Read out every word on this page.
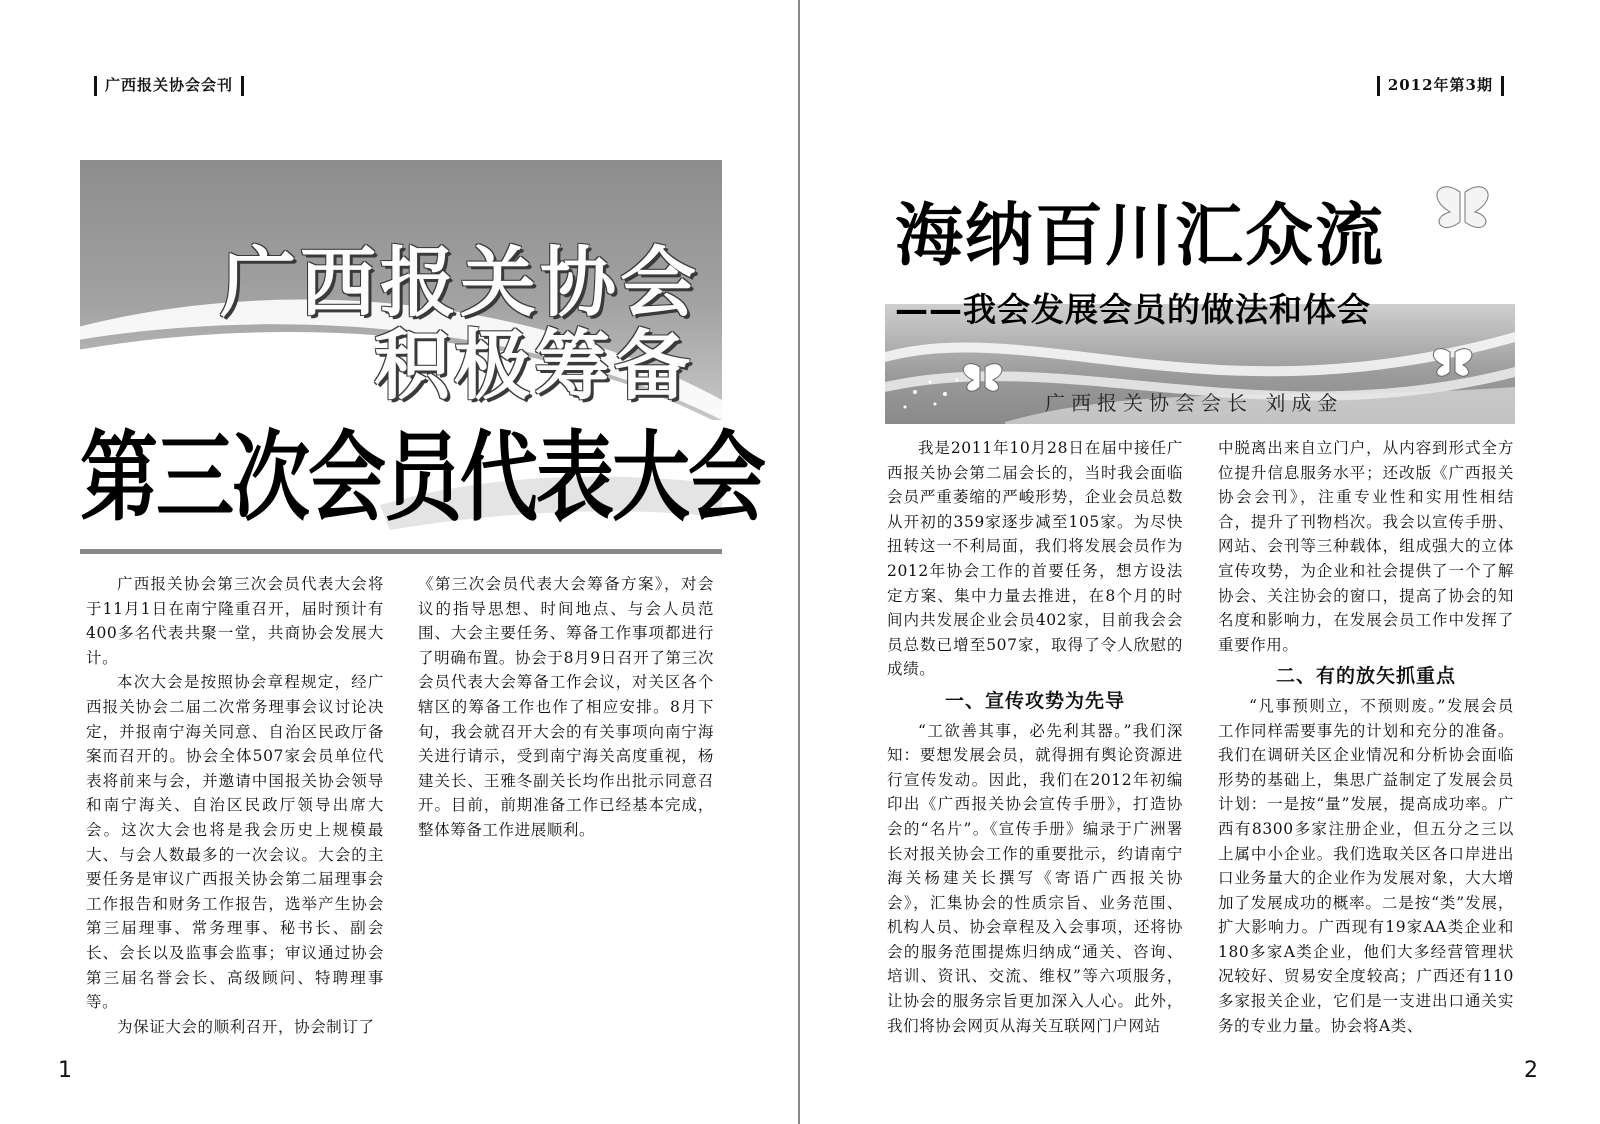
广西报关协会会刊
广西报关协会
积极筹备
第三次会员代表大会

广西报关协会第三次会员代表大会将于11月1日在南宁隆重召开，届时预计有400多名代表共聚一堂，共商协会发展大计。

本次大会是按照协会章程规定，经广西报关协会二届二次常务理事会议讨论决定，并报南宁海关同意、自治区民政厅备案而召开的。协会全体507家会员单位代表将前来与会，并邀请中国报关协会领导和南宁海关、自治区民政厅领导出席大会。这次大会也将是我会历史上规模最大、与会人数最多的一次会议。大会的主要任务是审议广西报关协会第二届理事会工作报告和财务工作报告，选举产生协会第三届理事、常务理事、秘书长、副会长、会长以及监事会监事；审议通过协会第三届名誉会长、高级顾问、特聘理事等。

为保证大会的顺利召开，协会制订了

《第三次会员代表大会筹备方案》，对会议的指导思想、时间地点、与会人员范围、大会主要任务、筹备工作事项都进行了明确布置。协会于8月9日召开了第三次会员代表大会筹备工作会议，对关区各个辖区的筹备工作也作了相应安排。8月下旬，我会就召开大会的有关事项向南宁海关进行请示，受到南宁海关高度重视，杨建关长、王雅冬副关长均作出批示同意召开。目前，前期准备工作已经基本完成，整体筹备工作进展顺利。

1
2012年第3期
2
海纳百川汇众流
——我会发展会员的做法和体会
广西报关协会会长 刘成金

我是2011年10月28日在届中接任广西报关协会第二届会长的，当时我会面临会员严重萎缩的严峻形势，企业会员总数从开初的359家逐步减至105家。为尽快扭转这一不利局面，我们将发展会员作为2012年协会工作的首要任务，想方设法定方案、集中力量去推进，在8个月的时间内共发展企业会员402家，目前我会会员总数已增至507家，取得了令人欣慰的成绩。

一、宣传攻势为先导

“工欲善其事，必先利其器。”我们深知：要想发展会员，就得拥有舆论资源进行宣传发动。因此，我们在2012年初编印出《广西报关协会宣传手册》，打造协会的“名片”。《宣传手册》编录于广洲署长对报关协会工作的重要批示，约请南宁海关杨建关长撰写《寄语广西报关协会》，汇集协会的性质宗旨、业务范围、机构人员、协会章程及入会事项，还将协会的服务范围提炼归纳成“通关、咨询、培训、资讯、交流、维权”等六项服务，让协会的服务宗旨更加深入人心。此外，我们将协会网页从海关互联网门户网站

中脱离出来自立门户，从内容到形式全方位提升信息服务水平；还改版《广西报关协会会刊》，注重专业性和实用性相结合，提升了刊物档次。我会以宣传手册、网站、会刊等三种载体，组成强大的立体宣传攻势，为企业和社会提供了一个了解协会、关注协会的窗口，提高了协会的知名度和影响力，在发展会员工作中发挥了重要作用。

二、有的放矢抓重点

“凡事预则立，不预则废。”发展会员工作同样需要事先的计划和充分的准备。我们在调研关区企业情况和分析协会面临形势的基础上，集思广益制定了发展会员计划：一是按“量”发展，提高成功率。广西有8300多家注册企业，但五分之三以上属中小企业。我们选取关区各口岸进出口业务量大的企业作为发展对象，大大增加了发展成功的概率。二是按“类”发展，扩大影响力。广西现有19家AA类企业和180多家A类企业，他们大多经营管理状况较好、贸易安全度较高；广西还有110多家报关企业，它们是一支进出口通关实务的专业力量。协会将A类、
